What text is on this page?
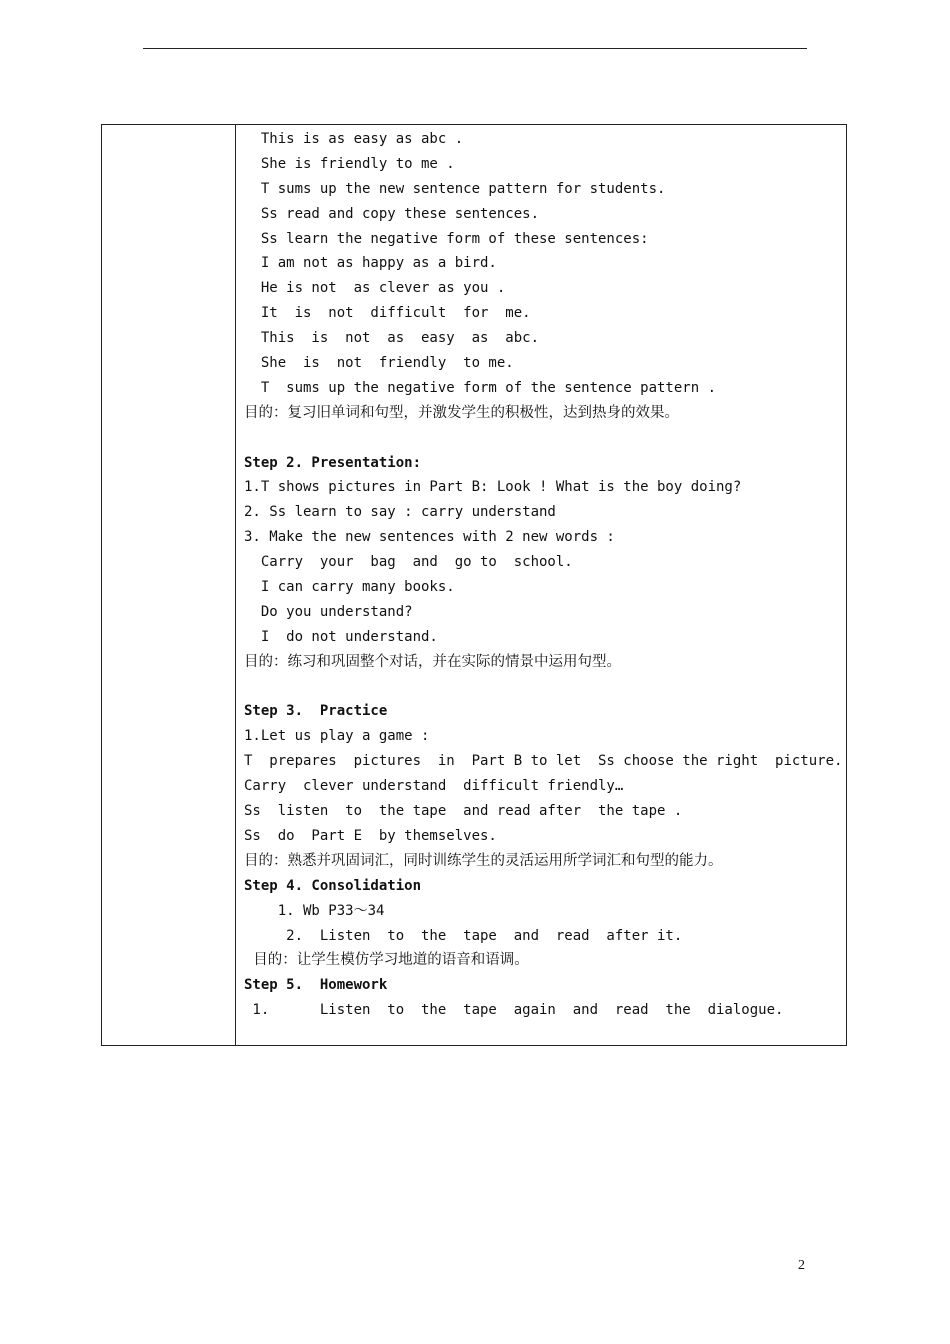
This is as easy as abc .
She is friendly to me .
T sums up the new sentence pattern for students.
Ss read and copy these sentences.
Ss learn the negative form of these sentences:
I am not as happy as a bird.
He is not  as clever as you .
It  is  not  difficult  for  me.
This  is  not  as  easy  as  abc.
She  is  not  friendly  to me.
T  sums up the negative form of the sentence pattern .
目的：复习旧单词和句型，并激发学生的积极性，达到热身的效果。
Step 2. Presentation:
1.T shows pictures in Part B: Look ! What is the boy doing?
2. Ss learn to say : carry understand
3. Make the new sentences with 2 new words :
Carry  your  bag  and  go to  school.
I can carry many books.
Do you understand?
I  do not understand.
目的：练习和巩固整个对话，并在实际的情景中运用句型。
Step 3.  Practice
1.Let us play a game :
T  prepares  pictures  in  Part B to let  Ss choose the right  picture.
Carry  clever understand  difficult friendly…
Ss  listen  to  the tape  and read after  the tape .
Ss  do  Part E  by themselves.
目的：熟悉并巩固词汇，同时训练学生的灵活运用所学词汇和句型的能力。
Step 4. Consolidation
1. Wb P33～34
2.  Listen  to  the  tape  and  read  after it.
目的：让学生模仿学习地道的语音和语调。
Step 5.  Homework
1.      Listen  to  the  tape  again  and  read  the  dialogue.
2
